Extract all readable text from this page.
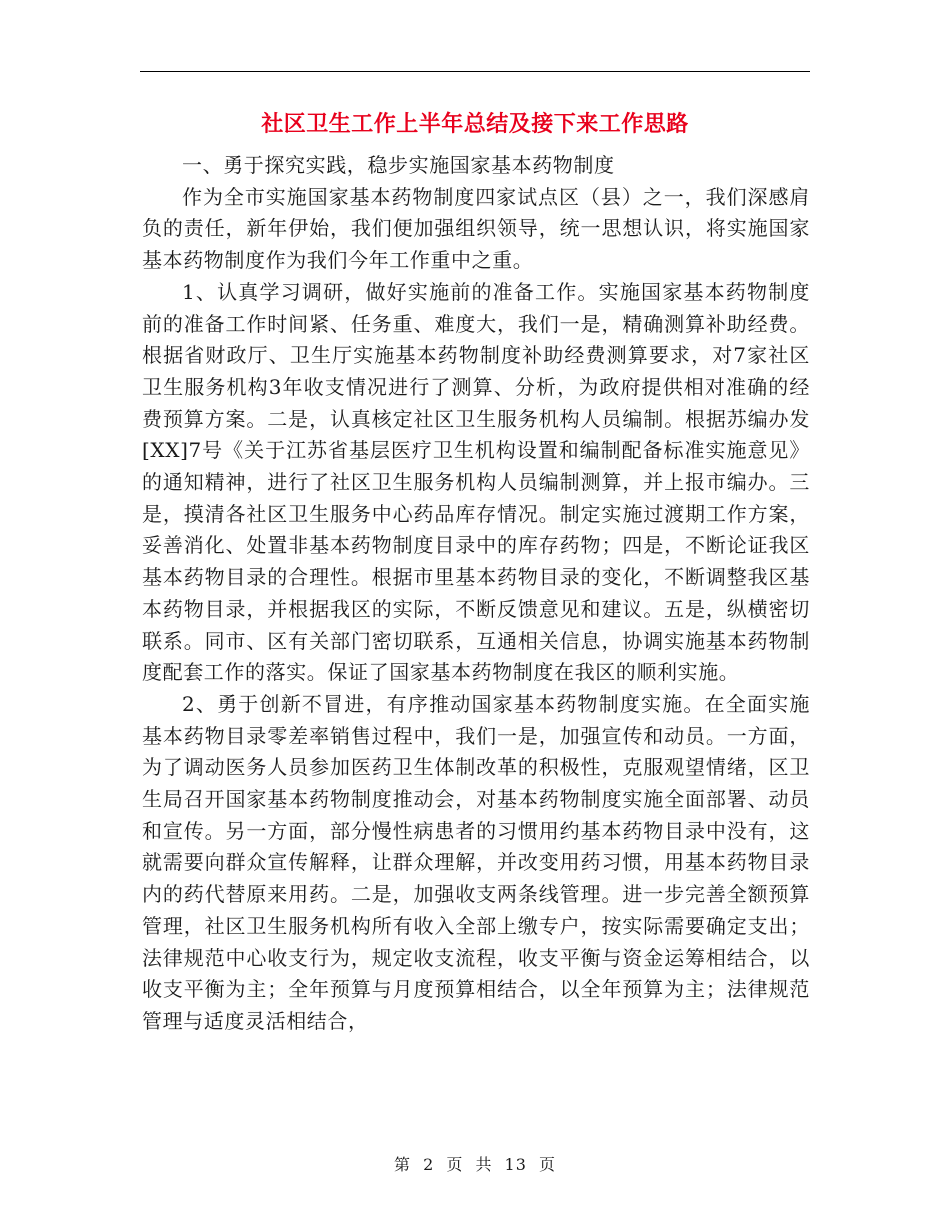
社区卫生工作上半年总结及接下来工作思路

一、勇于探究实践，稳步实施国家基本药物制度

作为全市实施国家基本药物制度四家试点区（县）之一，我们深感肩负的责任，新年伊始，我们便加强组织领导，统一思想认识，将实施国家基本药物制度作为我们今年工作重中之重。

1、认真学习调研，做好实施前的准备工作。实施国家基本药物制度前的准备工作时间紧、任务重、难度大，我们一是，精确测算补助经费。根据省财政厅、卫生厅实施基本药物制度补助经费测算要求，对7家社区卫生服务机构3年收支情况进行了测算、分析，为政府提供相对准确的经费预算方案。二是，认真核定社区卫生服务机构人员编制。根据苏编办发[XX]7号《关于江苏省基层医疗卫生机构设置和编制配备标准实施意见》的通知精神，进行了社区卫生服务机构人员编制测算，并上报市编办。三是，摸清各社区卫生服务中心药品库存情况。制定实施过渡期工作方案，妥善消化、处置非基本药物制度目录中的库存药物；四是，不断论证我区基本药物目录的合理性。根据市里基本药物目录的变化，不断调整我区基本药物目录，并根据我区的实际，不断反馈意见和建议。五是，纵横密切联系。同市、区有关部门密切联系，互通相关信息，协调实施基本药物制度配套工作的落实。保证了国家基本药物制度在我区的顺利实施。

2、勇于创新不冒进，有序推动国家基本药物制度实施。在全面实施基本药物目录零差率销售过程中，我们一是，加强宣传和动员。一方面，为了调动医务人员参加医药卫生体制改革的积极性，克服观望情绪，区卫生局召开国家基本药物制度推动会，对基本药物制度实施全面部署、动员和宣传。另一方面，部分慢性病患者的习惯用约基本药物目录中没有，这就需要向群众宣传解释，让群众理解，并改变用药习惯，用基本药物目录内的药代替原来用药。二是，加强收支两条线管理。进一步完善全额预算管理，社区卫生服务机构所有收入全部上缴专户，按实际需要确定支出；法律规范中心收支行为，规定收支流程，收支平衡与资金运筹相结合，以收支平衡为主；全年预算与月度预算相结合，以全年预算为主；法律规范管理与适度灵活相结合，

第 2 页 共 13 页
